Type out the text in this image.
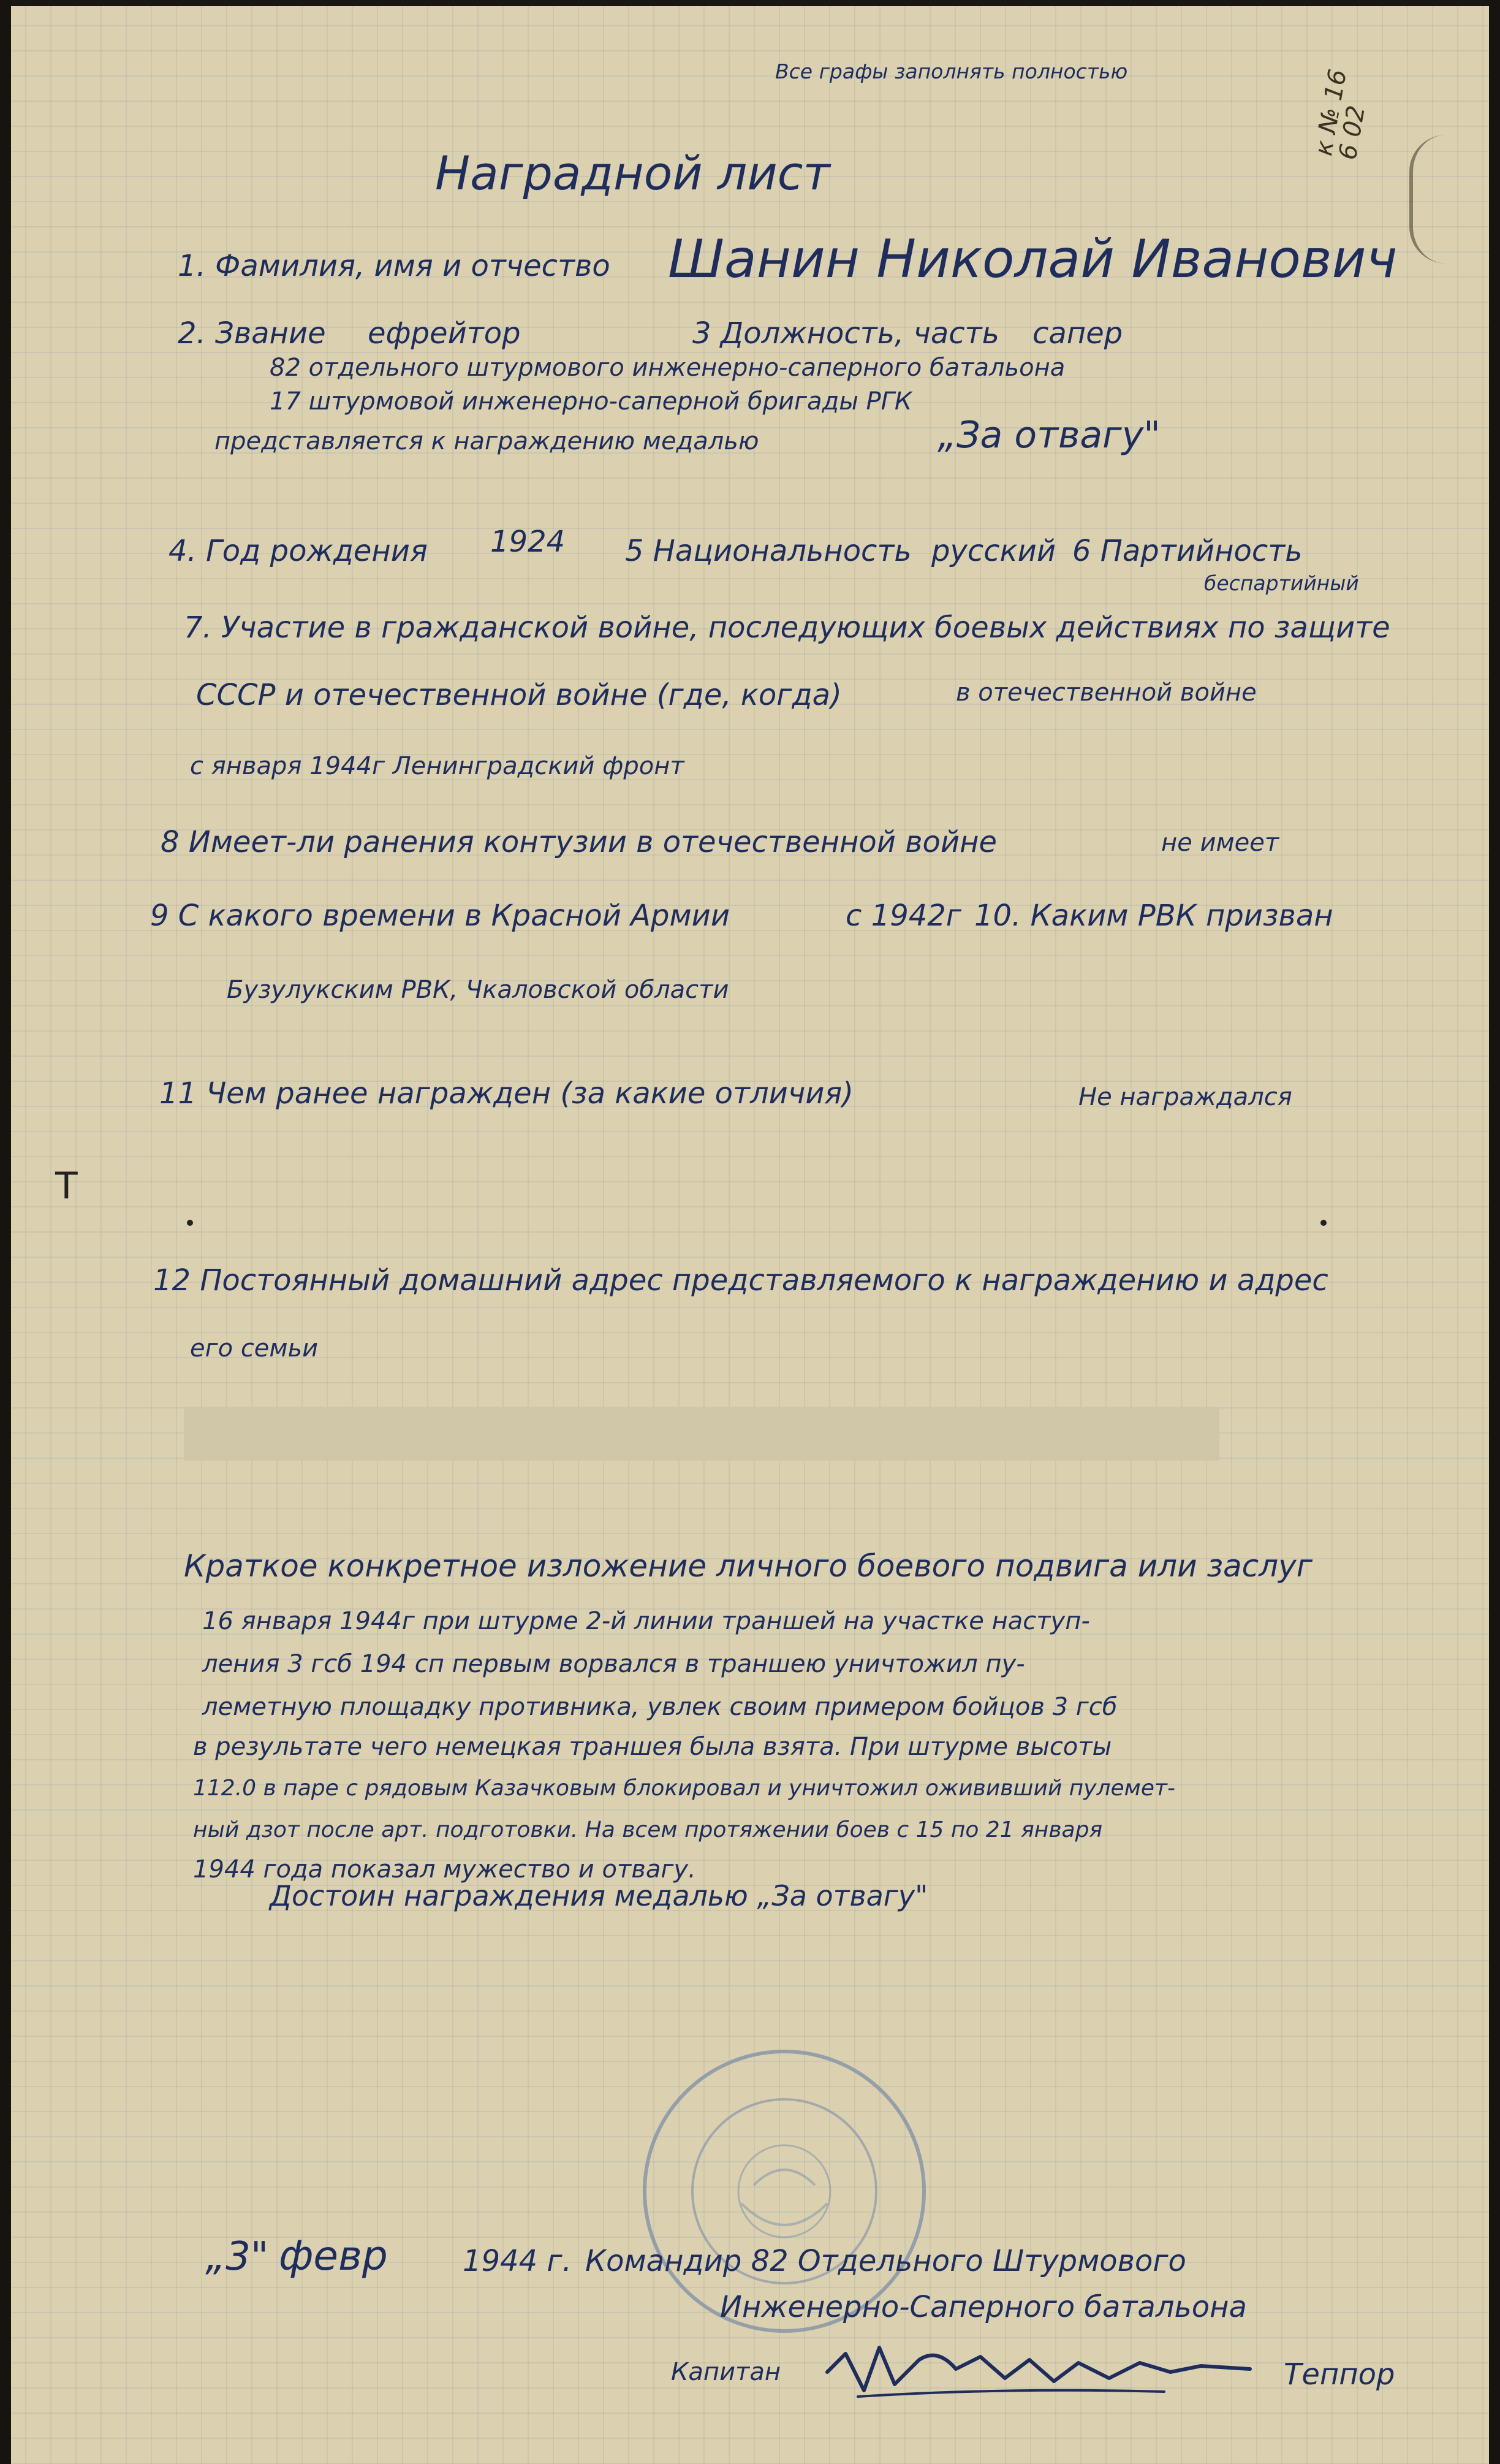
Все графы заполнять полностью	к № 16
6 02
Наградной лист
1. Фамилия, имя и отчество Шанин Николай Иванович
2. Звание ефрейтор	3 Должность, часть сапер
82 отдельного штурмового инженерно-саперного батальона
17 штурмовой инженерно-саперной бригады РГК
представляется к награждению медалью	„За отвагу"
4. Год рождения 1924 5 Национальность русский 6 Партийность
беспартийный
7. Участие в гражданской войне, последующих боевых действиях по защите
СССР и отечественной войне (где, когда)	в отечественной войне
с января 1944г Ленинградский фронт
8 Имеет-ли ранения контузии в отечественной войне	не имеет
9 С какого времени в Красной Армии	с 1942г 10. Каким РВК призван
Бузулукским РВК, Чкаловской области
11 Чем ранее награжден (за какие отличия)	Не награждался
T
12 Постоянный домашний адрес представляемого к награждению и адрес
его семьи
Краткое конкретное изложение личного боевого подвига или заслуг
16 января 1944г при штурме 2-й линии траншей на участке наступ-
ления 3 гсб 194 сп первым ворвался в траншею уничтожил пу-
леметную площадку противника, увлек своим примером бойцов 3 гсб
в результате чего немецкая траншея была взята. При штурме высоты
112.0 в паре с рядовым Казачковым блокировал и уничтожил ожививший пулемет-
ный дзот после арт. подготовки. На всем протяжении боев с 15 по 21 января
1944 года показал мужество и отвагу.
Достоин награждения медалью „За отвагу"
„3" февр	1944 г. Командир 82 Отдельного Штурмового
Инженерно-Саперного батальона
Капитан	Теппор
